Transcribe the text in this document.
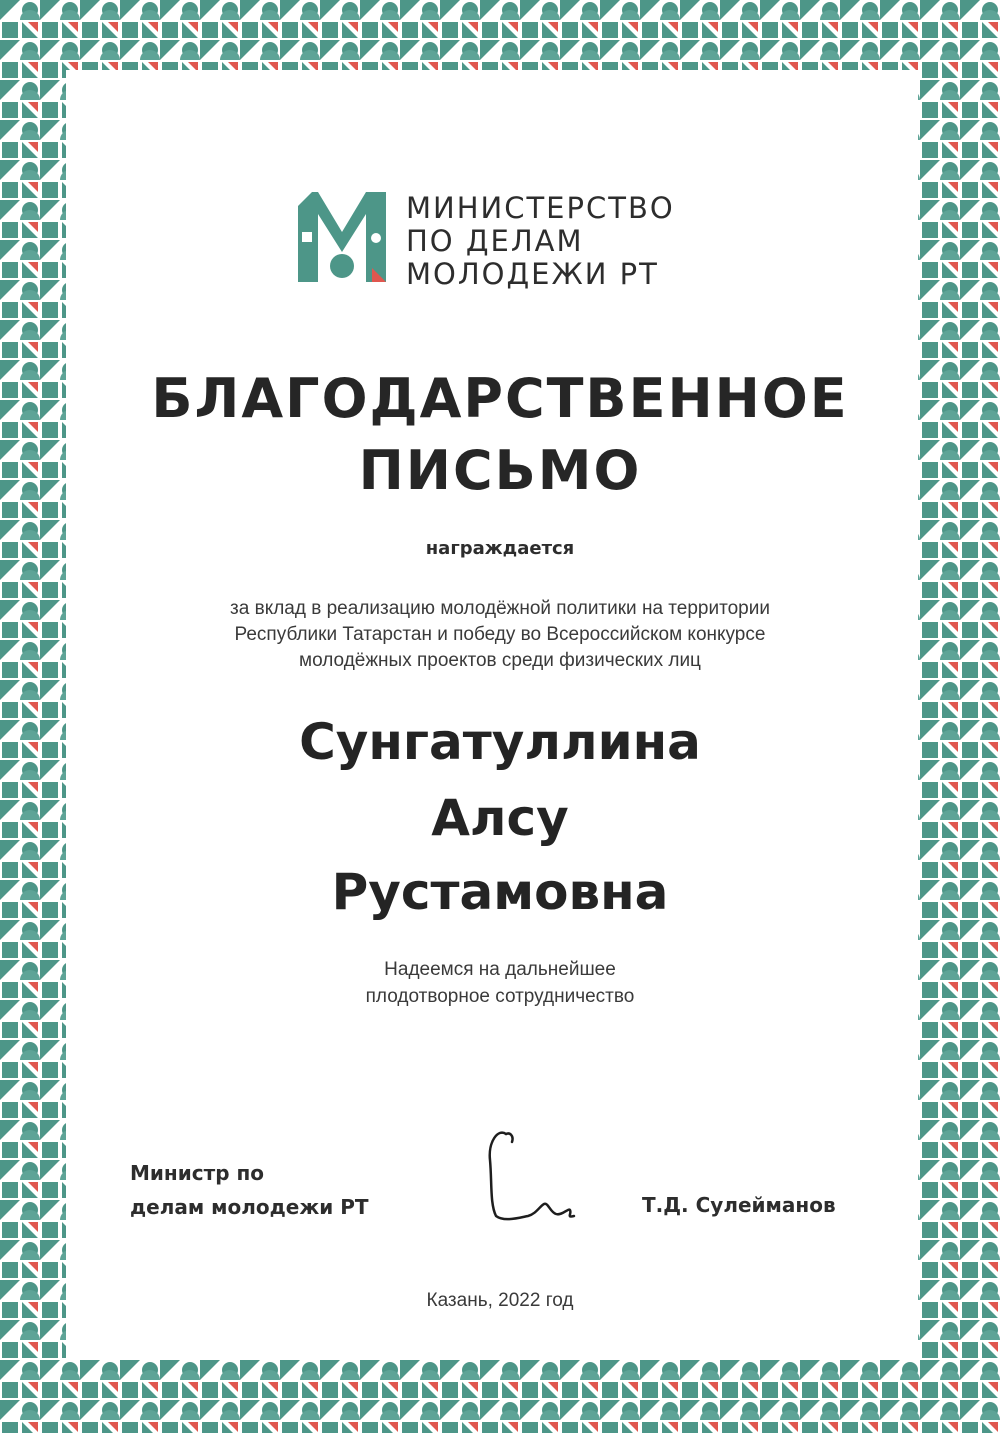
МИНИСТЕРСТВО
ПО ДЕЛАМ
МОЛОДЕЖИ РТ
БЛАГОДАРСТВЕННОЕ
ПИСЬМО
награждается
за вклад в реализацию молодёжной политики на территории
Республики Татарстан и победу во Всероссийском конкурсе
молодёжных проектов среди физических лиц
Сунгатуллина
Алсу
Рустамовна
Надеемся на дальнейшее
плодотворное сотрудничество
Министр по
делам молодежи РТ	Т.Д. Сулейманов
Казань, 2022 год
